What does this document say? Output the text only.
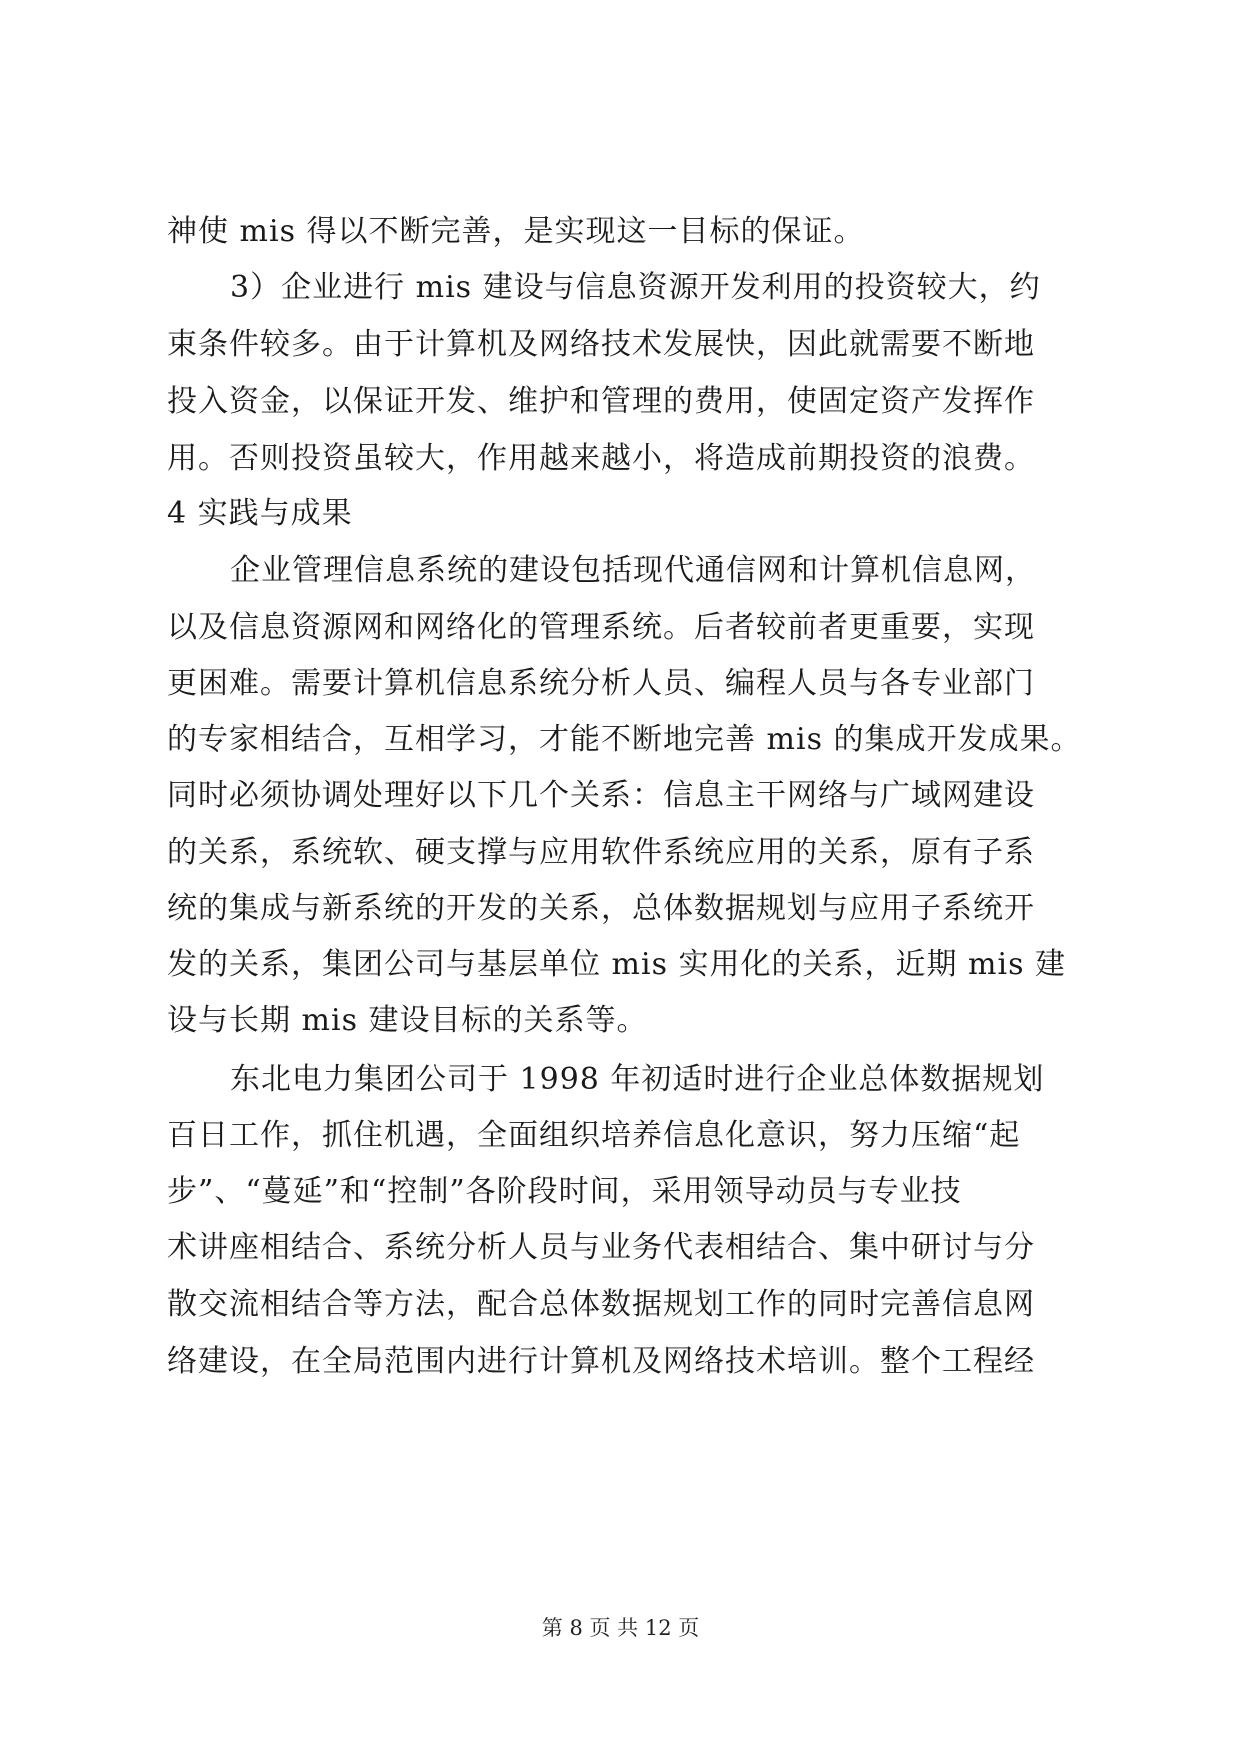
神使 mis 得以不断完善，是实现这一目标的保证。
3）企业进行 mis 建设与信息资源开发利用的投资较大，约
束条件较多。由于计算机及网络技术发展快，因此就需要不断地
投入资金，以保证开发、维护和管理的费用，使固定资产发挥作
用。否则投资虽较大，作用越来越小，将造成前期投资的浪费。
4 实践与成果
企业管理信息系统的建设包括现代通信网和计算机信息网，
以及信息资源网和网络化的管理系统。后者较前者更重要，实现
更困难。需要计算机信息系统分析人员、编程人员与各专业部门
的专家相结合，互相学习，才能不断地完善 mis 的集成开发成果。
同时必须协调处理好以下几个关系：信息主干网络与广域网建设
的关系，系统软、硬支撑与应用软件系统应用的关系，原有子系
统的集成与新系统的开发的关系，总体数据规划与应用子系统开
发的关系，集团公司与基层单位 mis 实用化的关系，近期 mis 建
设与长期 mis 建设目标的关系等。
东北电力集团公司于 1998 年初适时进行企业总体数据规划
百日工作，抓住机遇，全面组织培养信息化意识，努力压缩“起
步”、“蔓延”和“控制”各阶段时间，采用领导动员与专业技
术讲座相结合、系统分析人员与业务代表相结合、集中研讨与分
散交流相结合等方法，配合总体数据规划工作的同时完善信息网
络建设，在全局范围内进行计算机及网络技术培训。整个工程经
第 8 页 共 12 页
